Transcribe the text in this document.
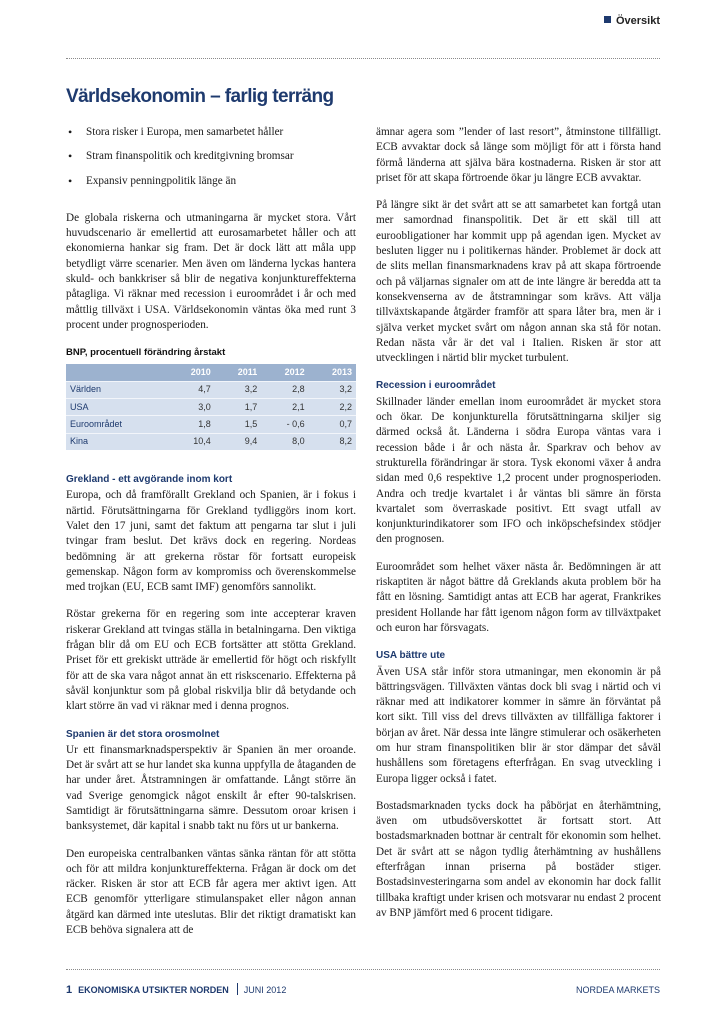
Översikt
Världsekonomin – farlig terräng
• Stora risker i Europa, men samarbetet håller
• Stram finanspolitik och kreditgivning bromsar
• Expansiv penningpolitik länge än

De globala riskerna och utmaningarna är mycket stora. Vårt huvudscenario är emellertid att eurosamarbetet håller och att ekonomierna hankar sig fram. Det är dock lätt att måla upp betydligt värre scenarier. Men även om länderna lyckas hantera skuld- och bankkriser så blir de negativa konjunktureffekterna påtagliga. Vi räknar med recession i euroområdet i år och med måttlig tillväxt i USA. Världsekonomin väntas öka med runt 3 procent under prognosperioden.

BNP, procentuell förändring årstakt
	2010	2011	2012	2013
Världen	4,7	3,2	2,8	3,2
USA	3,0	1,7	2,1	2,2
Euroområdet	1,8	1,5	- 0,6	0,7
Kina	10,4	9,4	8,0	8,2
Grekland - ett avgörande inom kort

Europa, och då framförallt Grekland och Spanien, är i fokus i närtid. Förutsättningarna för Grekland tydliggörs inom kort. Valet den 17 juni, samt det faktum att pengarna tar slut i juli tvingar fram beslut. Det krävs dock en regering. Nordeas bedömning är att grekerna röstar för fortsatt europeisk gemenskap. Någon form av kompromiss och överenskommelse med trojkan (EU, ECB samt IMF) genomförs sannolikt.

Röstar grekerna för en regering som inte accepterar kraven riskerar Grekland att tvingas ställa in betalningarna. Den viktiga frågan blir då om EU och ECB fortsätter att stötta Grekland. Priset för ett grekiskt utträde är emellertid för högt och riskfyllt för att de ska vara något annat än ett riskscenario. Effekterna på såväl konjunktur som på global riskvilja blir då betydande och klart större än vad vi räknar med i denna prognos.

Spanien är det stora orosmolnet

Ur ett finansmarknadsperspektiv är Spanien än mer oroande. Det är svårt att se hur landet ska kunna uppfylla de åtaganden de har under året. Åtstramningen är omfattande. Långt större än vad Sverige genomgick något enskilt år efter 90-talskrisen. Samtidigt är förutsättningarna sämre. Dessutom oroar krisen i banksystemet, där kapital i snabb takt nu förs ut ur bankerna.

Den europeiska centralbanken väntas sänka räntan för att stötta och för att mildra konjunktureffekterna. Frågan är dock om det räcker. Risken är stor att ECB får agera mer aktivt igen. Att ECB genomför ytterligare stimulanspaket eller någon annan åtgärd kan därmed inte uteslutas. Blir det riktigt dramatiskt kan ECB behöva signalera att de

ämnar agera som ”lender of last resort”, åtminstone tillfälligt. ECB avvaktar dock så länge som möjligt för att i första hand förmå länderna att själva bära kostnaderna. Risken är stor att priset för att skapa förtroende ökar ju längre ECB avvaktar.

På längre sikt är det svårt att se att samarbetet kan fortgå utan mer samordnad finanspolitik. Det är ett skäl till att euroobligationer har kommit upp på agendan igen. Mycket av besluten ligger nu i politikernas händer. Problemet är dock att de slits mellan finansmarknadens krav på att skapa förtroende och på väljarnas signaler om att de inte längre är beredda att ta konsekvenserna av de åtstramningar som krävs. Att välja tillväxtskapande åtgärder framför att spara låter bra, men är i själva verket mycket svårt om någon annan ska stå för notan. Redan nästa vår är det val i Italien. Risken är stor att utvecklingen i närtid blir mycket turbulent.

Recession i euroområdet

Skillnader länder emellan inom euroområdet är mycket stora och ökar. De konjunkturella förutsättningarna skiljer sig därmed också åt. Länderna i södra Europa väntas vara i recession både i år och nästa år. Sparkrav och behov av strukturella förändringar är stora. Tysk ekonomi växer å andra sidan med 0,6 respektive 1,2 procent under prognosperioden. Andra och tredje kvartalet i år väntas bli sämre än första kvartalet som överraskade positivt. Ett svagt utfall av konjunkturindikatorer som IFO och inköpschefsindex stödjer den prognosen.

Euroområdet som helhet växer nästa år. Bedömningen är att riskaptiten är något bättre då Greklands akuta problem bör ha fått en lösning. Samtidigt antas att ECB har agerat, Frankrikes president Hollande har fått igenom någon form av tillväxtpaket och euron har försvagats.

USA bättre ute

Även USA står inför stora utmaningar, men ekonomin är på bättringsvägen. Tillväxten väntas dock bli svag i närtid och vi räknar med att indikatorer kommer in sämre än förväntat på kort sikt. Till viss del drevs tillväxten av tillfälliga faktorer i början av året. När dessa inte längre stimulerar och osäkerheten om hur stram finanspolitiken blir är stor dämpar det såväl hushållens som företagens efterfrågan. En svag utveckling i Europa ligger också i fatet.

Bostadsmarknaden tycks dock ha påbörjat en återhämtning, även om utbudsöverskottet är fortsatt stort. Att bostadsmarknaden bottnar är centralt för ekonomin som helhet. Det är svårt att se någon tydlig återhämtning av hushållens efterfrågan innan priserna på bostäder stiger. Bostadsinvesteringarna som andel av ekonomin har dock fallit tillbaka kraftigt under krisen och motsvarar nu endast 2 procent av BNP jämfört med 6 procent tidigare.

1 EKONOMISKA UTSIKTER NORDEN JUNI 2012	NORDEA MARKETS
